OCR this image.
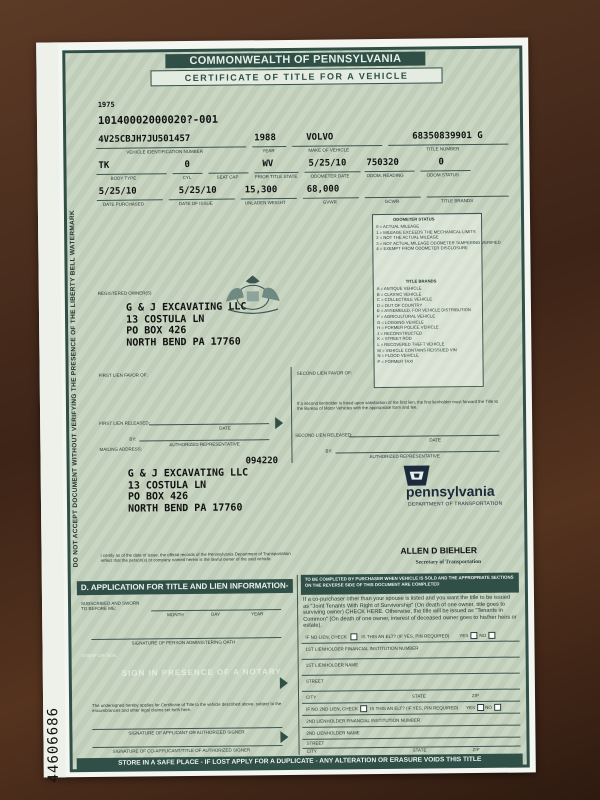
44606686
DO NOT ACCEPT DOCUMENT WITHOUT VERIFYING THE PRESENCE OF THE LIBERTY BELL WATERMARK
COMMONWEALTH OF PENNSYLVANIA
CERTIFICATE OF TITLE FOR A VEHICLE
1975
10140002000020?-001
4V25CBJH7JU501457
VEHICLE IDENTIFICATION NUMBER
1988
YEAR
VOLVO
MAKE OF VEHICLE
68350839901 G
TITLE NUMBER
TK
BODY TYPE
0
CYL	SEAT CAP
WV
PRIOR TITLE STATE
5/25/10
ODOMETER DATE
750320
ODOM. READING
0
ODOM STATUS
5/25/10
DATE PURCHASED
5/25/10
DATE OF ISSUE
15,300
UNLADEN WEIGHT
68,000
GVWR	GCWR	TITLE BRANDS
ODOMETER STATUS
0 = ACTUAL MILEAGE
1 = MILEAGE EXCEEDS THE MECHANICAL LIMITS
2 = NOT THE ACTUAL MILEAGE
3 = NOT ACTUAL MILEAGE ODOMETER TAMPERING VERIFIED
4 = EXEMPT FROM ODOMETER DISCLOSURE
TITLE BRANDS
A = ANTIQUE VEHICLE
B = CLASSIC VEHICLE
C = COLLECTIBLE VEHICLE
D = OUT OF COUNTRY
E = ASSEMBLED, FOR VEHICLE DISTRIBUTION
F = AGRICULTURAL VEHICLE
G = LOGGING VEHICLE
H = FORMER POLICE VEHICLE
J = RECONSTRUCTED
K = STREET ROD
L = RECOVERED THEFT VEHICLE
M = VEHICLE CONTAINS REISSUED VIN
N = FLOOD VEHICLE
P = FORMER TAXI
REGISTERED OWNER(S)
G & J EXCAVATING LLC
13 COSTULA LN
PO BOX 426
NORTH BEND PA 17760
FIRST LIEN FAVOR OF:	SECOND LIEN FAVOR OF:
If a second lienholder is listed upon satisfaction of the first lien, the first lienholder must forward the Title to the Bureau of Motor Vehicles with the appropriate form and fee.
FIRST LIEN RELEASED:
DATE
BY:
AUTHORIZED REPRESENTATIVE
SECOND LIEN RELEASED:
DATE
BY:
AUTHORIZED REPRESENTATIVE
MAILING ADDRESS:
094220
G & J EXCAVATING LLC
13 COSTULA LN
PO BOX 426
NORTH BEND PA 17760
pennsylvania
DEPARTMENT OF TRANSPORTATION
ALLEN D BIEHLER
Secretary of Transportation
I certify as of the date of issue, the official records of the Pennsylvania Department of Transportation reflect that the person(s) or company named herein is the lawful owner of the said vehicle.
D. APPLICATION FOR TITLE AND LIEN INFORMATION-
SUBSCRIBED AND SWORN TO BEFORE ME:
MONTH	DAY	YEAR
SIGNATURE OF PERSON ADMINISTERING OATH
STAMP OR SEAL
SIGN IN PRESENCE OF A NOTARY
The undersigned hereby applies for Certificate of Title to the vehicle described above, subject to the encumbrances and other legal claims set forth here.
SIGNATURE OF APPLICANT OR AUTHORIZED SIGNER
SIGNATURE OF CO-APPLICANT/TITLE OF AUTHORIZED SIGNER
TO BE COMPLETED BY PURCHASER WHEN VEHICLE IS SOLD AND THE APPROPRIATE SECTIONS ON THE REVERSE SIDE OF THIS DOCUMENT ARE COMPLETED
If a co-purchaser other than your spouse is listed and you want the title to be issued as "Joint Tenants With Right of Survivorship" (On death of one owner, title goes to surviving owner) CHECK HERE. Otherwise, the title will be issued as "Tenants in Common" (On death of one owner, interest of deceased owner goes to his/her heirs or estate).
IF NO LIEN, CHECK	IS THIS AN ELT? (IF YES, PIN REQUIRED) YES NO
1ST LIENHOLDER FINANCIAL INSTITUTION NUMBER
1ST LIENHOLDER NAME
STREET
CITY	STATE	ZIP
IF NO 2ND LIEN, CHECK	IS THIS AN ELT? (IF YES, PIN REQUIRED) YES NO
2ND LIENHOLDER FINANCIAL INSTITUTION NUMBER
2ND LIENHOLDER NAME
STREET
CITY	STATE	ZIP
STORE IN A SAFE PLACE - IF LOST APPLY FOR A DUPLICATE - ANY ALTERATION OR ERASURE VOIDS THIS TITLE
